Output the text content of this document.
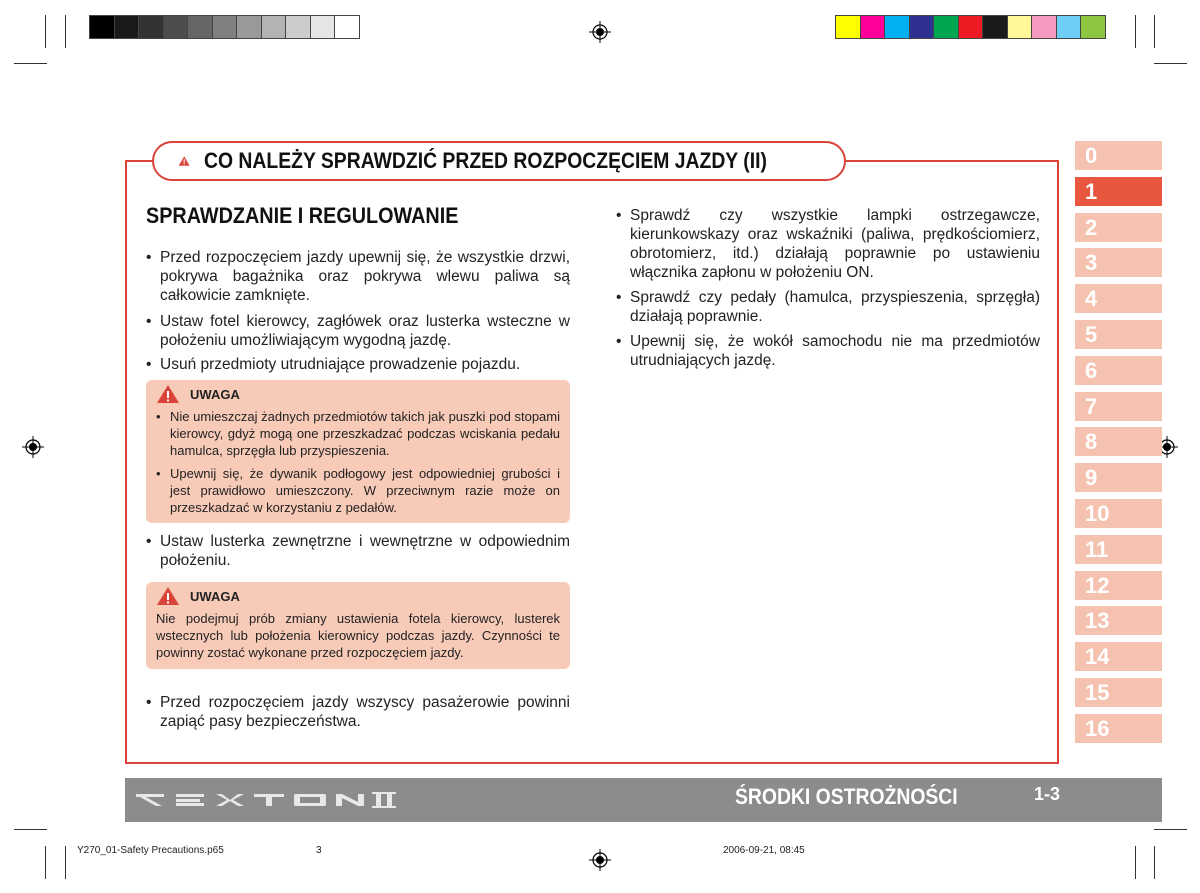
CO NALEŻY SPRAWDZIĆ PRZED ROZPOCZĘCIEM JAZDY (II)
SPRAWDZANIE I REGULOWANIE
• Przed rozpoczęciem jazdy upewnij się, że wszystkie drzwi, pokrywa bagażnika oraz pokrywa wlewu paliwa są całkowicie zamknięte.
• Ustaw fotel kierowcy, zagłówek oraz lusterka wsteczne w położeniu umożliwiającym wygodną jazdę.
• Usuń przedmioty utrudniające prowadzenie pojazdu.
UWAGA
• Nie umieszczaj żadnych przedmiotów takich jak puszki pod stopami kierowcy, gdyż mogą one przeszkadzać podczas wciskania pedału hamulca, sprzęgła lub przyspieszenia.
• Upewnij się, że dywanik podłogowy jest odpowiedniej grubości i jest prawidłowo umieszczony. W przeciwnym razie może on przeszkadzać w korzystaniu z pedałów.
• Ustaw lusterka zewnętrzne i wewnętrzne w odpowiednim położeniu.
UWAGA
Nie podejmuj prób zmiany ustawienia fotela kierowcy, lusterek wstecznych lub położenia kierownicy podczas jazdy. Czynności te powinny zostać wykonane przed rozpoczęciem jazdy.
• Przed rozpoczęciem jazdy wszyscy pasażerowie powinni zapiąć pasy bezpieczeństwa.
• Sprawdź czy wszystkie lampki ostrzegawcze, kierunkowskazy oraz wskaźniki (paliwa, prędkościomierz, obrotomierz, itd.) działają poprawnie po ustawieniu włącznika zapłonu w położeniu ON.
• Sprawdź czy pedały (hamulca, przyspieszenia, sprzęgła) działają poprawnie.
• Upewnij się, że wokół samochodu nie ma przedmiotów utrudniających jazdę.
0
1
2
3
4
5
6
7
8
9
10
11
12
13
14
15
16
ŚRODKI OSTROŻNOŚCI	1-3
Y270_01-Safety Precautions.p65	3	2006-09-21, 08:45
